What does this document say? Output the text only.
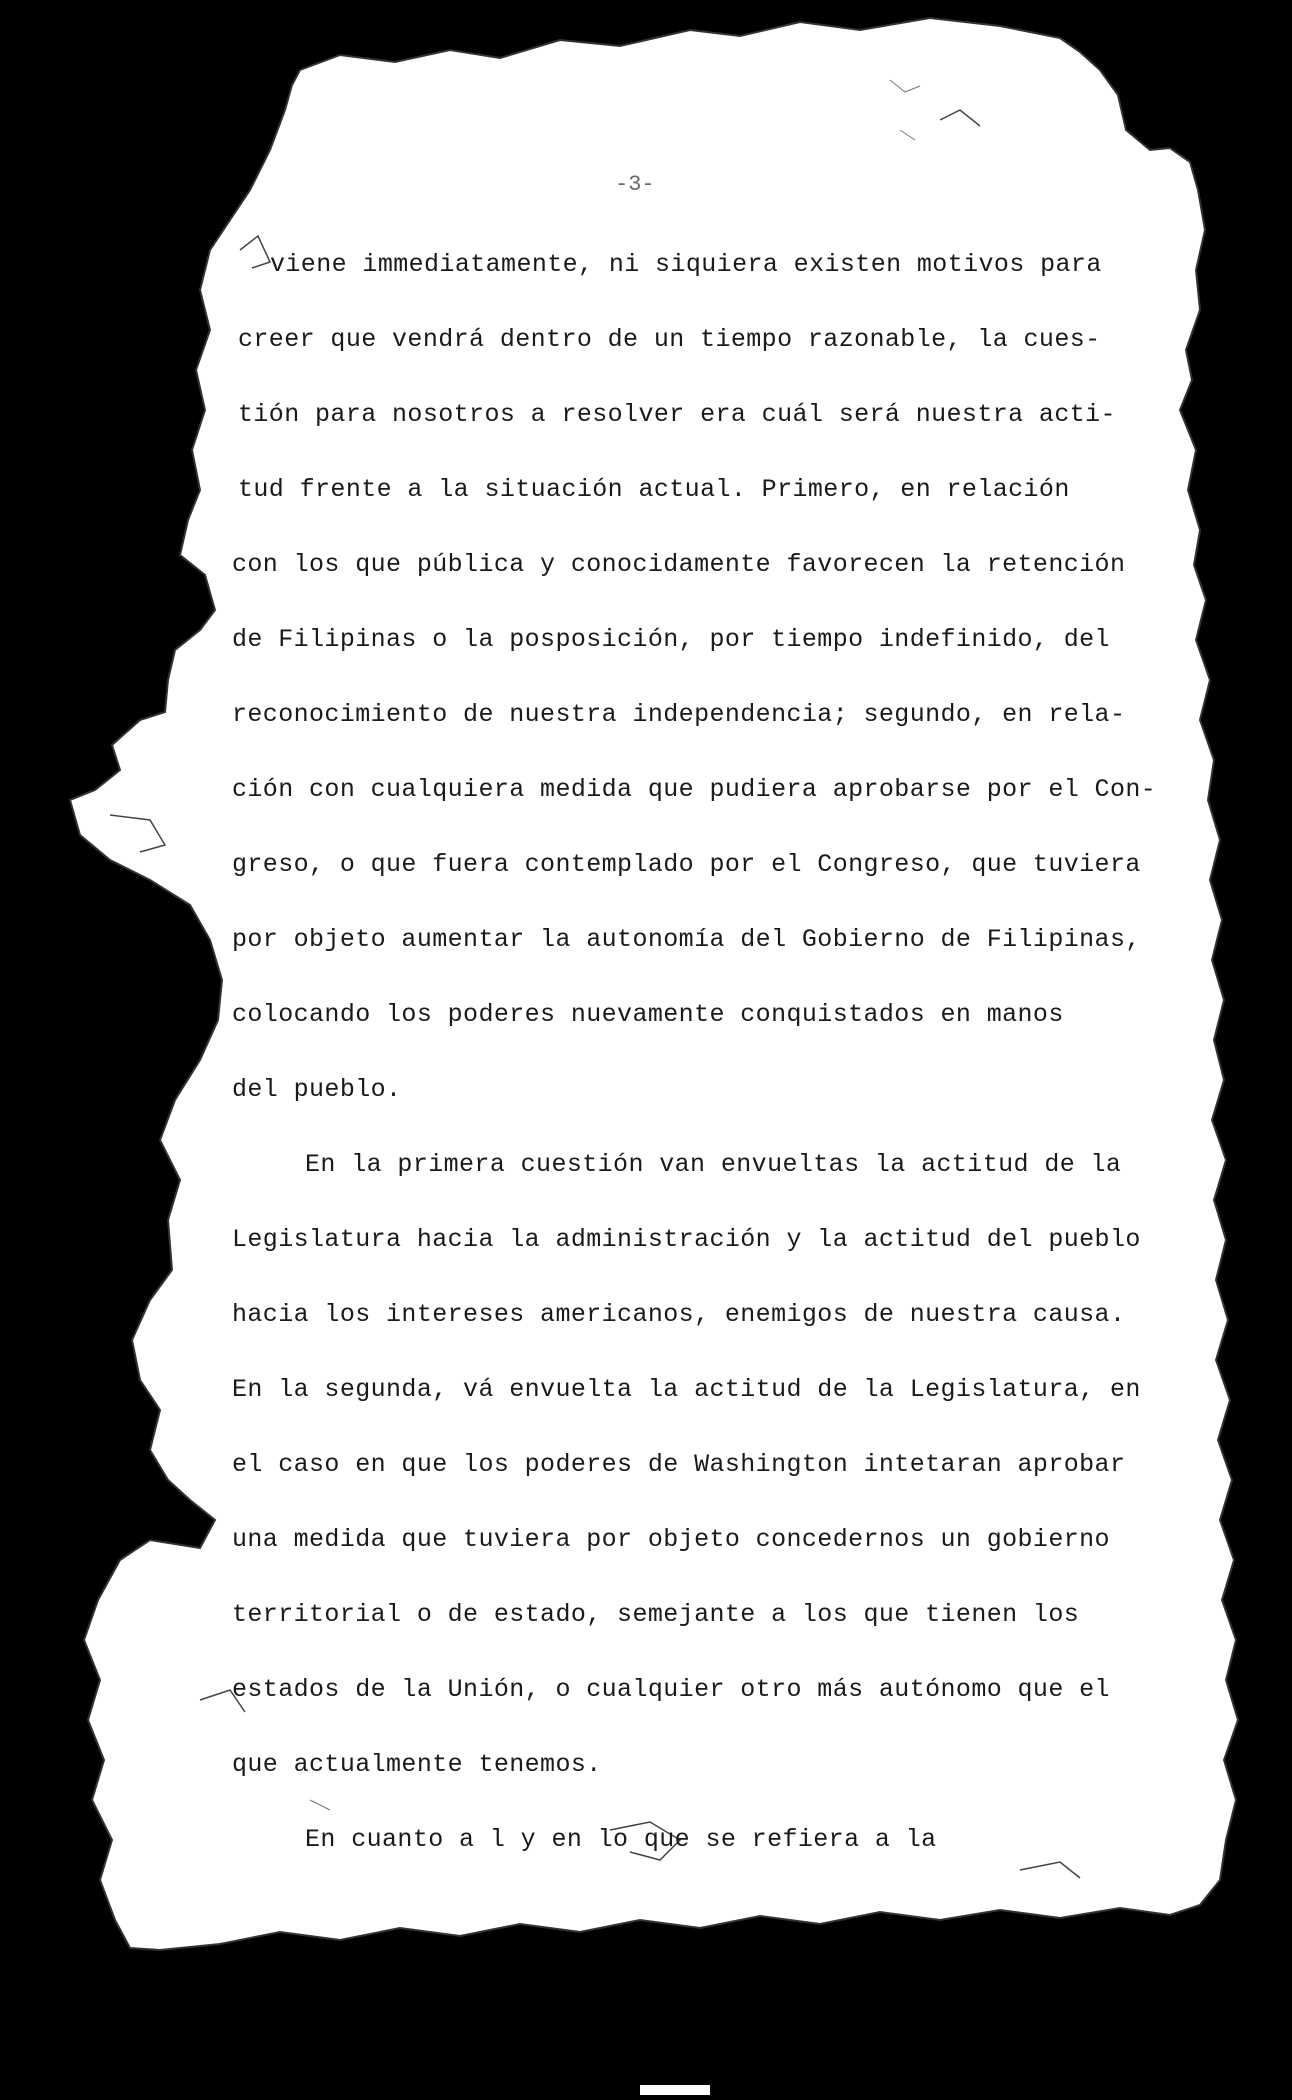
-3-
viene immediatamente, ni siquiera existen motivos para
creer que vendrá dentro de un tiempo razonable, la cues-
tión para nosotros a resolver era cuál será nuestra acti-
tud frente a la situación actual. Primero, en relación
con los que pública y conocidamente favorecen la retención
de Filipinas o la posposición, por tiempo indefinido, del
reconocimiento de nuestra independencia; segundo, en rela-
ción con cualquiera medida que pudiera aprobarse por el Con-
greso, o que fuera contemplado por el Congreso, que tuviera
por objeto aumentar la autonomía del Gobierno de Filipinas,
colocando los poderes nuevamente conquistados en manos
del pueblo.
En la primera cuestión van envueltas la actitud de la
Legislatura hacia la administración y la actitud del pueblo
hacia los intereses americanos, enemigos de nuestra causa.
En la segunda, vá envuelta la actitud de la Legislatura, en
el caso en que los poderes de Washington intetaran aprobar
una medida que tuviera por objeto concedernos un gobierno
territorial o de estado, semejante a los que tienen los
estados de la Unión, o cualquier otro más autónomo que el
que actualmente tenemos.
En cuanto a l y en lo que se refiera a la
